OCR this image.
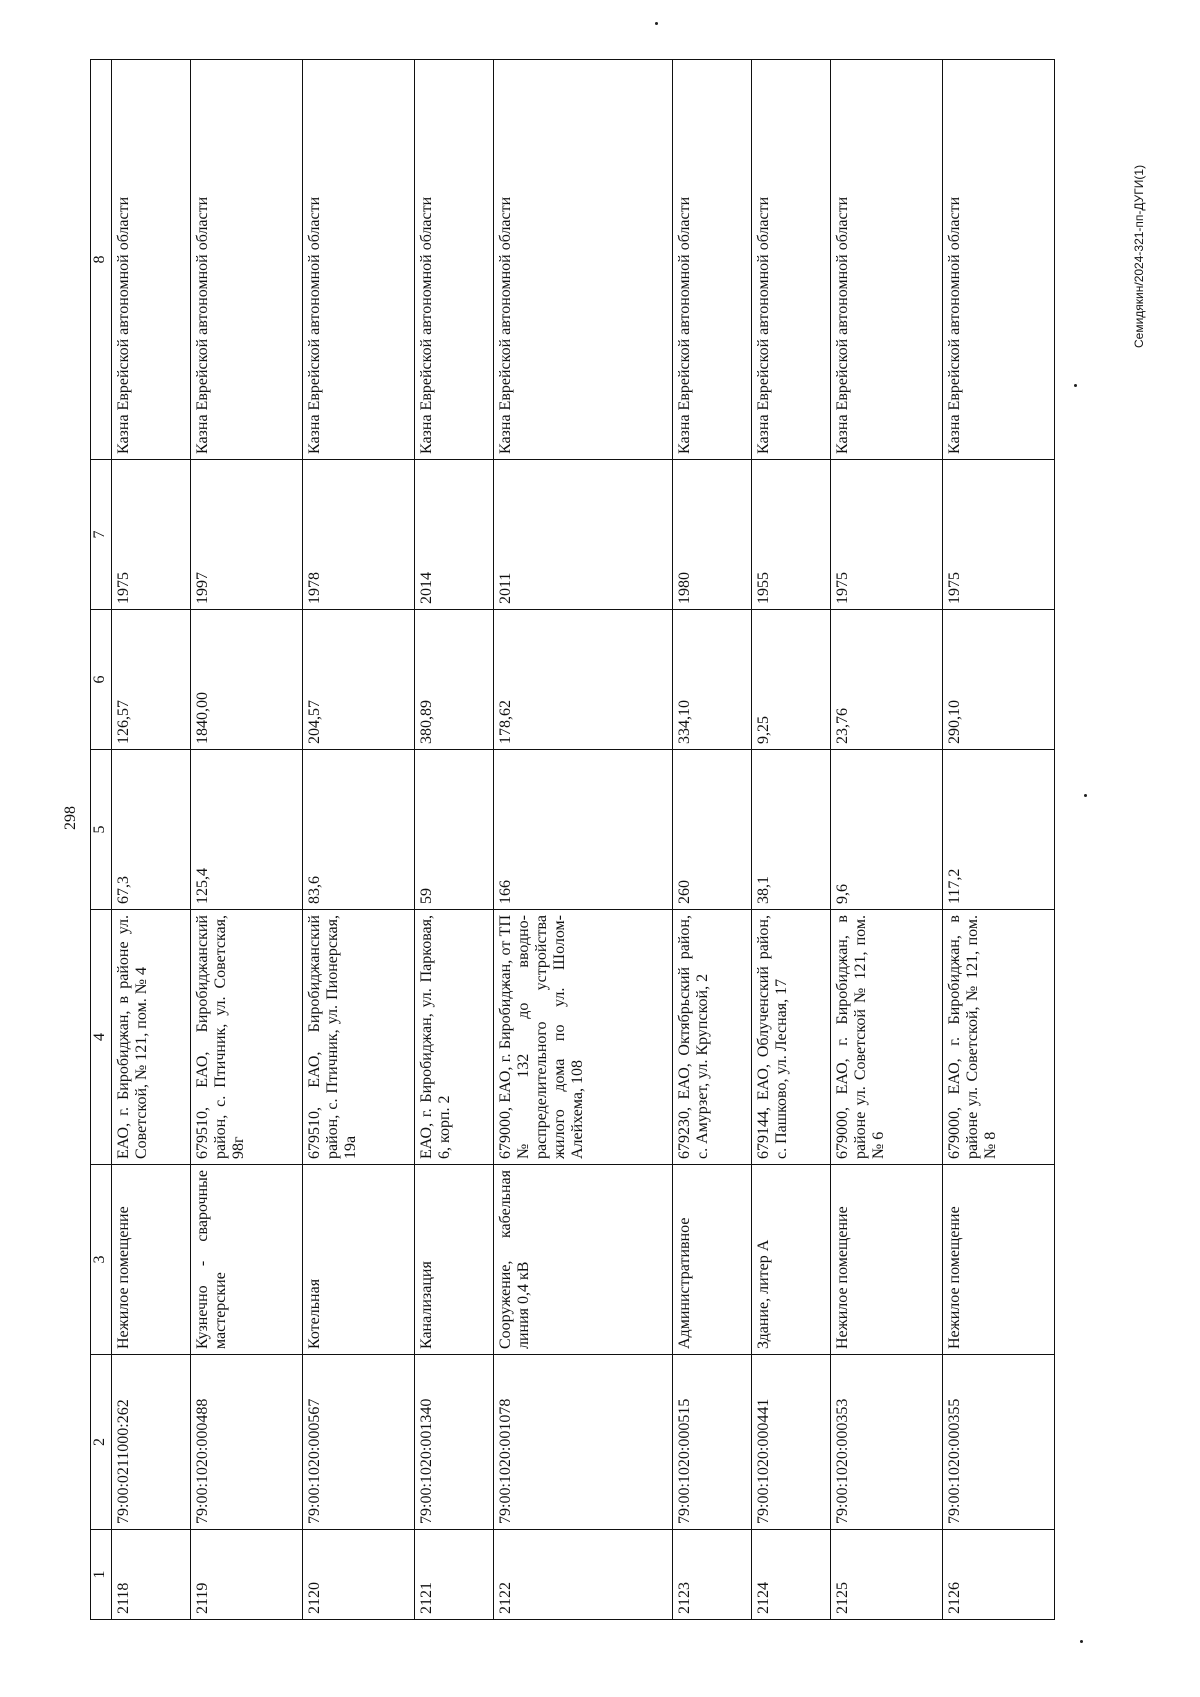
298
Семидякин/2024-321-пп-ДУГИ(1)
1	2	3	4	5	6	7	8
2118	79:00:0211000:262	Нежилое помещение	ЕАО, г. Биробиджан, в районе ул. Советской, № 121, пом. № 4	67,3	126,57	1975	Казна Еврейской автономной области
2119	79:00:1020:000488	Кузнечно - сварочные мастерские	679510, ЕАО, Биробиджанский район, с. Птичник, ул. Советская, 98г	125,4	1840,00	1997	Казна Еврейской автономной области
2120	79:00:1020:000567	Котельная	679510, ЕАО, Биробиджанский район, с. Птичник, ул. Пионерская, 19а	83,6	204,57	1978	Казна Еврейской автономной области
2121	79:00:1020:001340	Канализация	ЕАО, г. Биробиджан, ул. Парковая, 6, корп. 2	59	380,89	2014	Казна Еврейской автономной области
2122	79:00:1020:001078	Сооружение, кабельная линия 0,4 кВ	679000, ЕАО, г. Биробиджан, от ТП № 132 до вводно-распределительного устройства жилого дома по ул. Шолом-Алейхема, 108	166	178,62	2011	Казна Еврейской автономной области
2123	79:00:1020:000515	Административное	679230, ЕАО, Октябрьский район, с. Амурзет, ул. Крупской, 2	260	334,10	1980	Казна Еврейской автономной области
2124	79:00:1020:000441	Здание, литер А	679144, ЕАО, Облученский район, с. Пашково, ул. Лесная, 17	38,1	9,25	1955	Казна Еврейской автономной области
2125	79:00:1020:000353	Нежилое помещение	679000, ЕАО, г. Биробиджан, в районе ул. Советской № 121, пом. № 6	9,6	23,76	1975	Казна Еврейской автономной области
2126	79:00:1020:000355	Нежилое помещение	679000, ЕАО, г. Биробиджан, в районе ул. Советской, № 121, пом. № 8	117,2	290,10	1975	Казна Еврейской автономной области
